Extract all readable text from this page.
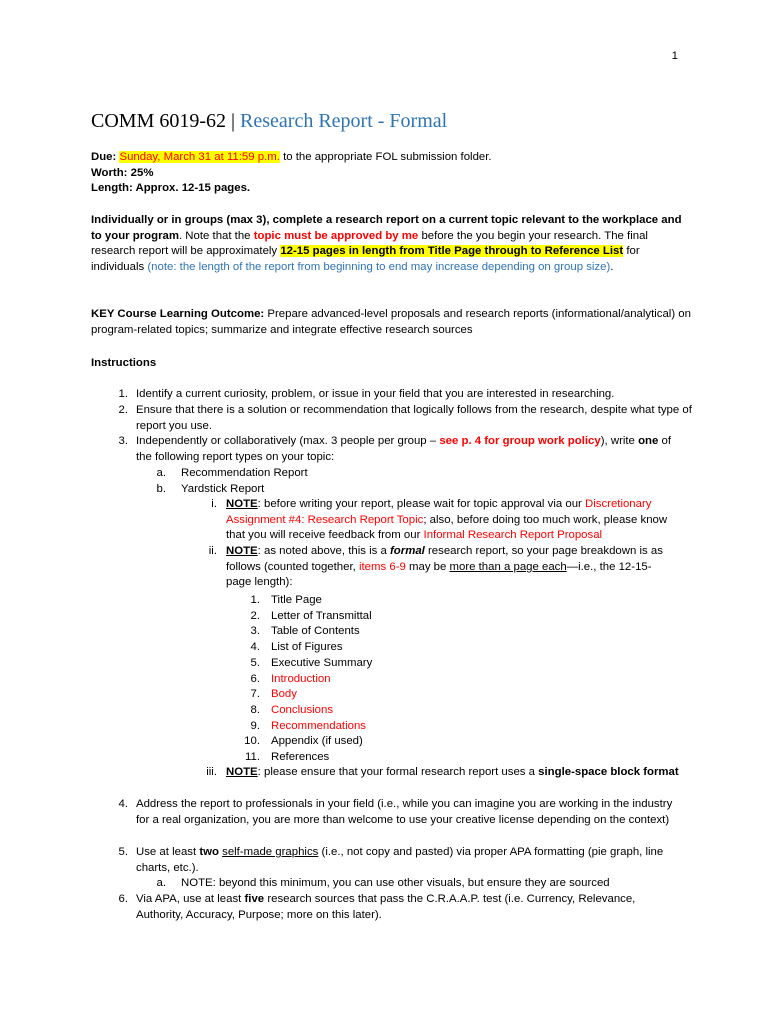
1
COMM 6019-62 | Research Report - Formal
Due: Sunday, March 31 at 11:59 p.m. to the appropriate FOL submission folder.
Worth: 25%
Length: Approx. 12-15 pages.
Individually or in groups (max 3), complete a research report on a current topic relevant to the workplace and to your program. Note that the topic must be approved by me before the you begin your research. The final research report will be approximately 12-15 pages in length from Title Page through to Reference List for individuals (note: the length of the report from beginning to end may increase depending on group size).
KEY Course Learning Outcome: Prepare advanced-level proposals and research reports (informational/analytical) on program-related topics; summarize and integrate effective research sources
Instructions
1. Identify a current curiosity, problem, or issue in your field that you are interested in researching.
2. Ensure that there is a solution or recommendation that logically follows from the research, despite what type of report you use.
3. Independently or collaboratively (max. 3 people per group – see p. 4 for group work policy), write one of the following report types on your topic:
a. Recommendation Report
b. Yardstick Report
i. NOTE: before writing your report, please wait for topic approval via our Discretionary Assignment #4: Research Report Topic; also, before doing too much work, please know that you will receive feedback from our Informal Research Report Proposal
ii. NOTE: as noted above, this is a formal research report, so your page breakdown is as follows (counted together, items 6-9 may be more than a page each—i.e., the 12-15-page length):
1. Title Page
2. Letter of Transmittal
3. Table of Contents
4. List of Figures
5. Executive Summary
6. Introduction
7. Body
8. Conclusions
9. Recommendations
10. Appendix (if used)
11. References
iii. NOTE: please ensure that your formal research report uses a single-space block format
4. Address the report to professionals in your field (i.e., while you can imagine you are working in the industry for a real organization, you are more than welcome to use your creative license depending on the context)
5. Use at least two self-made graphics (i.e., not copy and pasted) via proper APA formatting (pie graph, line charts, etc.).
a. NOTE: beyond this minimum, you can use other visuals, but ensure they are sourced
6. Via APA, use at least five research sources that pass the C.R.A.A.P. test (i.e. Currency, Relevance, Authority, Accuracy, Purpose; more on this later).
